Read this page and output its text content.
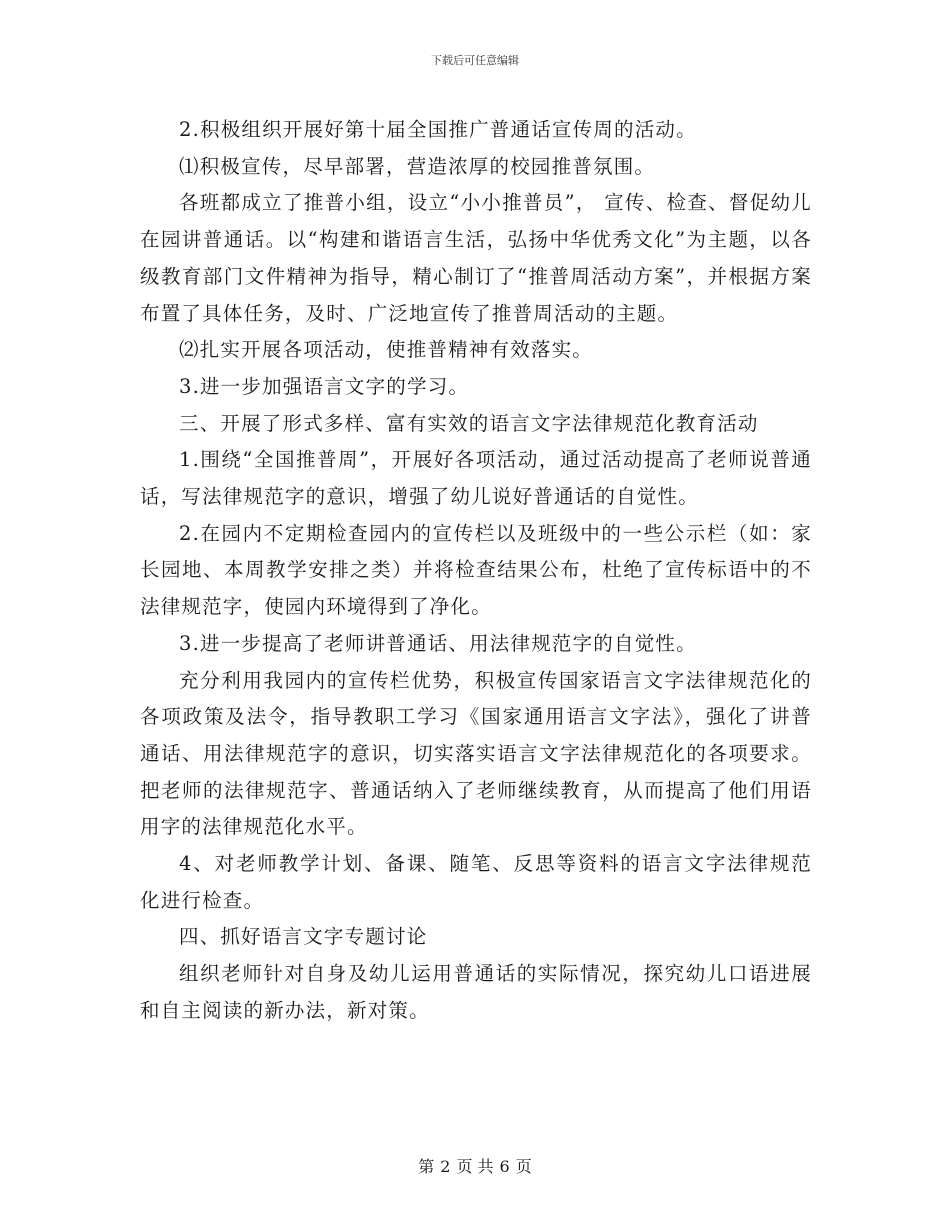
下载后可任意编辑

2.积极组织开展好第十届全国推广普通话宣传周的活动。

⑴积极宣传，尽早部署，营造浓厚的校园推普氛围。

各班都成立了推普小组，设立“小小推普员”， 宣传、检查、督促幼儿在园讲普通话。以“构建和谐语言生活，弘扬中华优秀文化”为主题，以各级教育部门文件精神为指导，精心制订了“推普周活动方案”，并根据方案布置了具体任务，及时、广泛地宣传了推普周活动的主题。

⑵扎实开展各项活动，使推普精神有效落实。

3.进一步加强语言文字的学习。

三、开展了形式多样、富有实效的语言文字法律规范化教育活动

1.围绕“全国推普周”，开展好各项活动，通过活动提高了老师说普通话，写法律规范字的意识，增强了幼儿说好普通话的自觉性。

2.在园内不定期检查园内的宣传栏以及班级中的一些公示栏（如：家长园地、本周教学安排之类）并将检查结果公布，杜绝了宣传标语中的不法律规范字，使园内环境得到了净化。

3.进一步提高了老师讲普通话、用法律规范字的自觉性。

充分利用我园内的宣传栏优势，积极宣传国家语言文字法律规范化的各项政策及法令，指导教职工学习《国家通用语言文字法》，强化了讲普通话、用法律规范字的意识，切实落实语言文字法律规范化的各项要求。把老师的法律规范字、普通话纳入了老师继续教育，从而提高了他们用语用字的法律规范化水平。

4、对老师教学计划、备课、随笔、反思等资料的语言文字法律规范化进行检查。

四、抓好语言文字专题讨论

组织老师针对自身及幼儿运用普通话的实际情况，探究幼儿口语进展和自主阅读的新办法，新对策。

第 2 页 共 6 页
